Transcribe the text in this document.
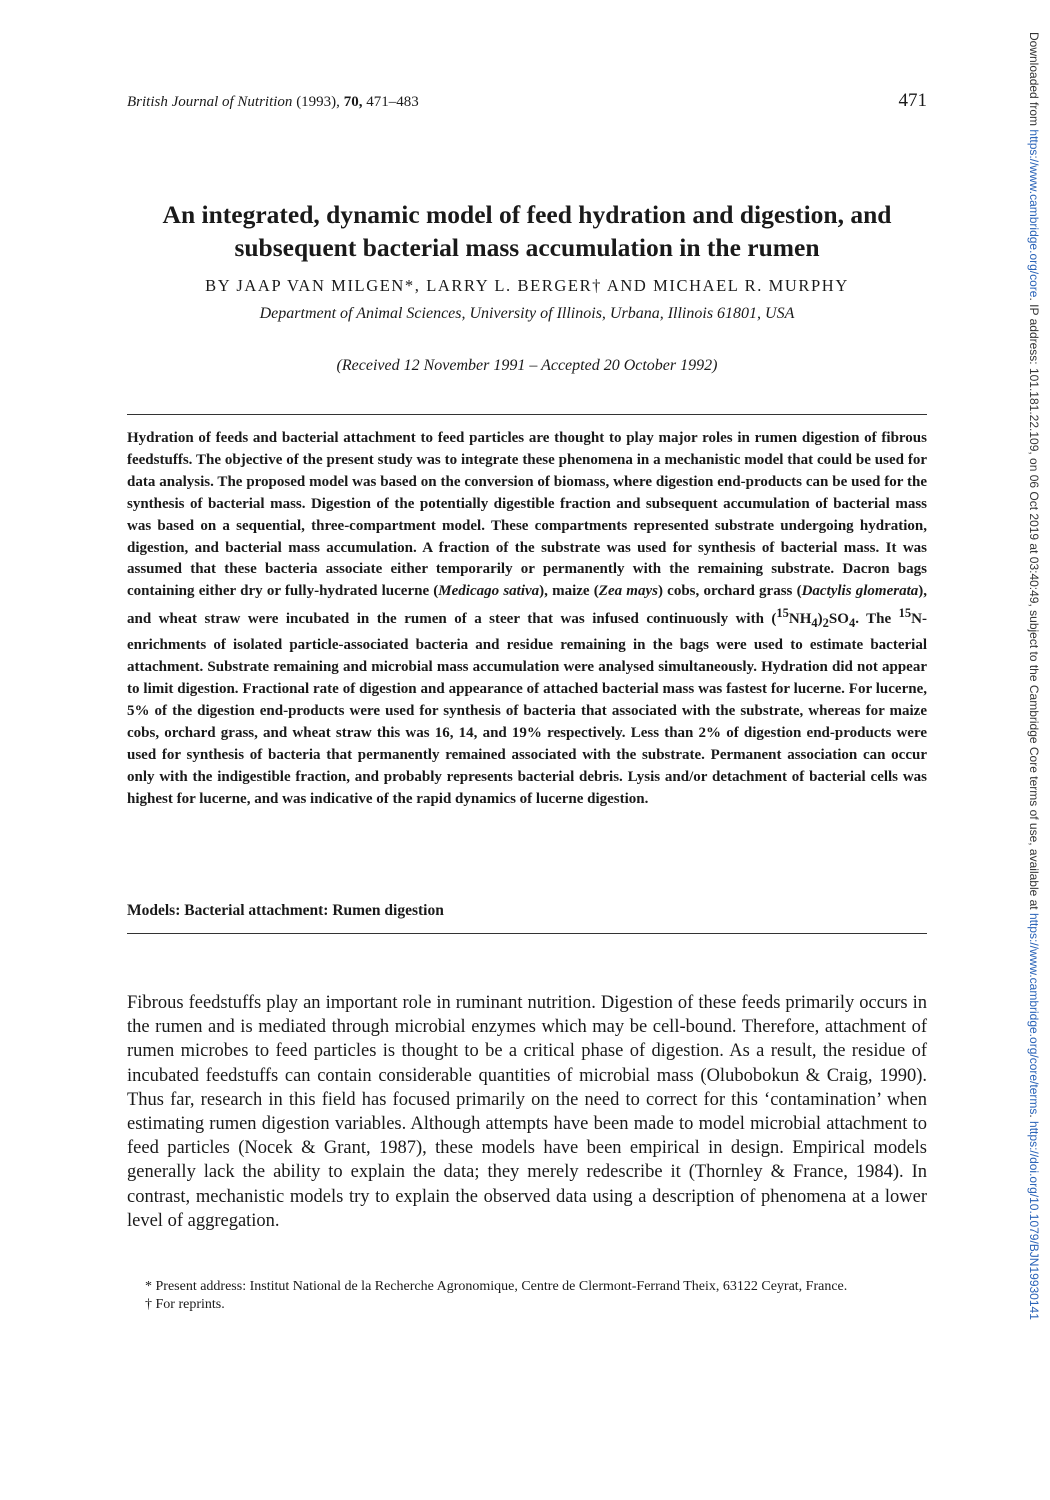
British Journal of Nutrition (1993), 70, 471–483	471
An integrated, dynamic model of feed hydration and digestion, and subsequent bacterial mass accumulation in the rumen
BY JAAP VAN MILGEN*, LARRY L. BERGER† AND MICHAEL R. MURPHY
Department of Animal Sciences, University of Illinois, Urbana, Illinois 61801, USA
(Received 12 November 1991 – Accepted 20 October 1992)
Hydration of feeds and bacterial attachment to feed particles are thought to play major roles in rumen digestion of fibrous feedstuffs. The objective of the present study was to integrate these phenomena in a mechanistic model that could be used for data analysis. The proposed model was based on the conversion of biomass, where digestion end-products can be used for the synthesis of bacterial mass. Digestion of the potentially digestible fraction and subsequent accumulation of bacterial mass was based on a sequential, three-compartment model. These compartments represented substrate undergoing hydration, digestion, and bacterial mass accumulation. A fraction of the substrate was used for synthesis of bacterial mass. It was assumed that these bacteria associate either temporarily or permanently with the remaining substrate. Dacron bags containing either dry or fully-hydrated lucerne (Medicago sativa), maize (Zea mays) cobs, orchard grass (Dactylis glomerata), and wheat straw were incubated in the rumen of a steer that was infused continuously with $(^{15}NH_4)_2SO_4$. The $^{15}$N-enrichments of isolated particle-associated bacteria and residue remaining in the bags were used to estimate bacterial attachment. Substrate remaining and microbial mass accumulation were analysed simultaneously. Hydration did not appear to limit digestion. Fractional rate of digestion and appearance of attached bacterial mass was fastest for lucerne. For lucerne, 5% of the digestion end-products were used for synthesis of bacteria that associated with the substrate, whereas for maize cobs, orchard grass, and wheat straw this was 16, 14, and 19% respectively. Less than 2% of digestion end-products were used for synthesis of bacteria that permanently remained associated with the substrate. Permanent association can occur only with the indigestible fraction, and probably represents bacterial debris. Lysis and/or detachment of bacterial cells was highest for lucerne, and was indicative of the rapid dynamics of lucerne digestion.
Models: Bacterial attachment: Rumen digestion
Fibrous feedstuffs play an important role in ruminant nutrition. Digestion of these feeds primarily occurs in the rumen and is mediated through microbial enzymes which may be cell-bound. Therefore, attachment of rumen microbes to feed particles is thought to be a critical phase of digestion. As a result, the residue of incubated feedstuffs can contain considerable quantities of microbial mass (Olubobokun & Craig, 1990). Thus far, research in this field has focused primarily on the need to correct for this ‘contamination’ when estimating rumen digestion variables. Although attempts have been made to model microbial attachment to feed particles (Nocek & Grant, 1987), these models have been empirical in design. Empirical models generally lack the ability to explain the data; they merely redescribe it (Thornley & France, 1984). In contrast, mechanistic models try to explain the observed data using a description of phenomena at a lower level of aggregation.
* Present address: Institut National de la Recherche Agronomique, Centre de Clermont-Ferrand Theix, 63122 Ceyrat, France.
† For reprints.
Downloaded from https://www.cambridge.org/core. IP address: 101.181.22.109, on 06 Oct 2019 at 03:40:49, subject to the Cambridge Core terms of use, available at https://www.cambridge.org/core/terms. https://doi.org/10.1079/BJN19930141
